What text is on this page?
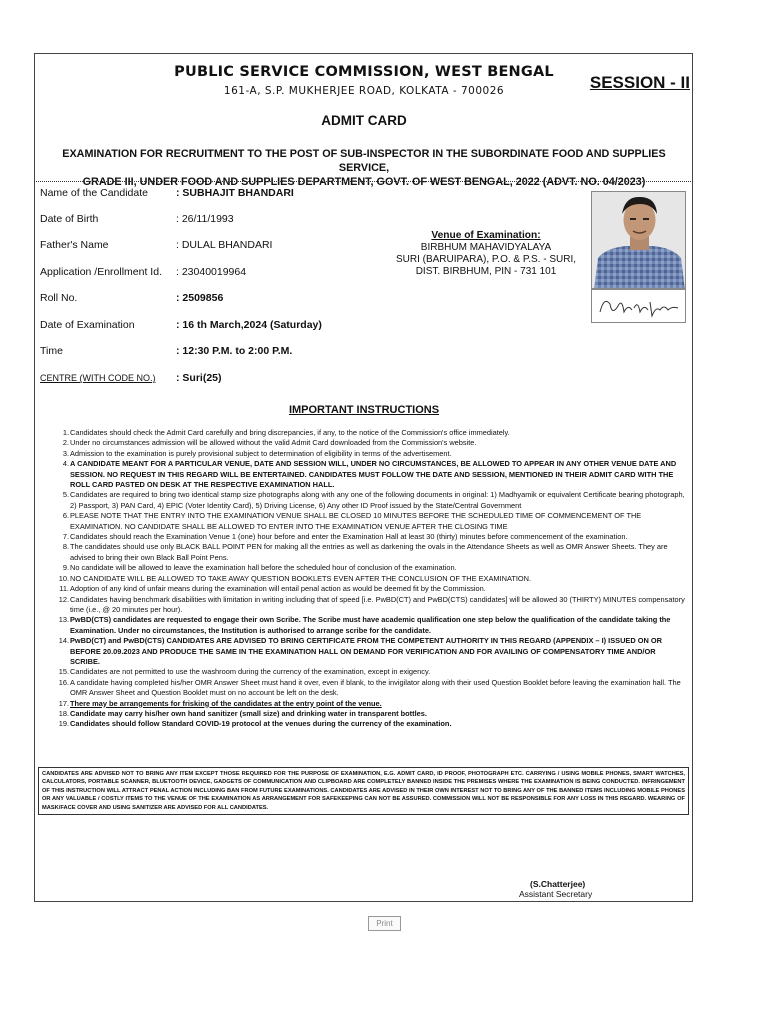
PUBLIC SERVICE COMMISSION, WEST BENGAL
161-A, S.P. MUKHERJEE ROAD, KOLKATA - 700026	SESSION - II
ADMIT CARD
EXAMINATION FOR RECRUITMENT TO THE POST OF SUB-INSPECTOR IN THE SUBORDINATE FOOD AND SUPPLIES SERVICE,
GRADE III, UNDER FOOD AND SUPPLIES DEPARTMENT, GOVT. OF WEST BENGAL, 2022 (ADVT. NO. 04/2023)
Name of the Candidate	: SUBHAJIT BHANDARI
Date of Birth	: 26/11/1993
Father's Name	: DULAL BHANDARI
Application /Enrollment Id. : 23040019964
Roll No.	: 2509856
Date of Examination	: 16 th March,2024 (Saturday)
Time	: 12:30 P.M. to 2:00 P.M.
CENTRE (WITH CODE NO.) : Suri(25)
Venue of Examination:
BIRBHUM MAHAVIDYALAYA
SURI (BARUIPARA), P.O. & P.S. - SURI,
DIST. BIRBHUM, PIN - 731 101
IMPORTANT INSTRUCTIONS
1. Candidates should check the Admit Card carefully and bring discrepancies, if any, to the notice of the Commission's office immediately.
2. Under no circumstances admission will be allowed without the valid Admit Card downloaded from the Commission's website.
3. Admission to the examination is purely provisional subject to determination of eligibility in terms of the advertisement.
4. A CANDIDATE MEANT FOR A PARTICULAR VENUE, DATE AND SESSION WILL, UNDER NO CIRCUMSTANCES, BE ALLOWED TO APPEAR IN ANY OTHER VENUE DATE AND SESSION. NO REQUEST IN THIS REGARD WILL BE ENTERTAINED. CANDIDATES MUST FOLLOW THE DATE AND SESSION, MENTIONED IN THEIR ADMIT CARD WITH THE ROLL CARD PASTED ON DESK AT THE RESPECTIVE EXAMINATION HALL.
5. Candidates are required to bring two identical stamp size photographs along with any one of the following documents in original: 1) Madhyamik or equivalent Certificate bearing photograph, 2) Passport, 3) PAN Card, 4) EPIC (Voter Identity Card), 5) Driving License, 6) Any other ID Proof issued by the State/Central Government
6. PLEASE NOTE THAT THE ENTRY INTO THE EXAMINATION VENUE SHALL BE CLOSED 10 MINUTES BEFORE THE SCHEDULED TIME OF COMMENCEMENT OF THE EXAMINATION. NO CANDIDATE SHALL BE ALLOWED TO ENTER INTO THE EXAMINATION VENUE AFTER THE CLOSING TIME
7. Candidates should reach the Examination Venue 1 (one) hour before and enter the Examination Hall at least 30 (thirty) minutes before commencement of the examination.
8. The candidates should use only BLACK BALL POINT PEN for making all the entries as well as darkening the ovals in the Attendance Sheets as well as OMR Answer Sheets. They are advised to bring their own Black Ball Point Pens.
9. No candidate will be allowed to leave the examination hall before the scheduled hour of conclusion of the examination.
10. NO CANDIDATE WILL BE ALLOWED TO TAKE AWAY QUESTION BOOKLETS EVEN AFTER THE CONCLUSION OF THE EXAMINATION.
11. Adoption of any kind of unfair means during the examination will entail penal action as would be deemed fit by the Commission.
12. Candidates having benchmark disabilities with limitation in writing including that of speed [i.e. PwBD(CT) and PwBD(CTS) candidates] will be allowed 30 (THIRTY) MINUTES compensatory time (i.e., @ 20 minutes per hour).
13. PwBD(CTS) candidates are requested to engage their own Scribe. The Scribe must have academic qualification one step below the qualification of the candidate taking the Examination. Under no circumstances, the Institution is authorised to arrange scribe for the candidate.
14. PwBD(CT) and PwBD(CTS) CANDIDATES ARE ADVISED TO BRING CERTIFICATE FROM THE COMPETENT AUTHORITY IN THIS REGARD (APPENDIX – I) ISSUED ON OR BEFORE 20.09.2023 AND PRODUCE THE SAME IN THE EXAMINATION HALL ON DEMAND FOR VERIFICATION AND FOR AVAILING OF COMPENSATORY TIME AND/OR SCRIBE.
15. Candidates are not permitted to use the washroom during the currency of the examination, except in exigency.
16. A candidate having completed his/her OMR Answer Sheet must hand it over, even if blank, to the invigilator along with their used Question Booklet before leaving the examination hall. The OMR Answer Sheet and Question Booklet must on no account be left on the desk.
17. There may be arrangements for frisking of the candidates at the entry point of the venue.
18. Candidate may carry his/her own hand sanitizer (small size) and drinking water in transparent bottles.
19. Candidates should follow Standard COVID-19 protocol at the venues during the currency of the examination.
CANDIDATES ARE ADVISED NOT TO BRING ANY ITEM EXCEPT THOSE REQUIRED FOR THE PURPOSE OF EXAMINATION, E.G. ADMIT CARD, ID PROOF, PHOTOGRAPH ETC. CARRYING / USING MOBILE PHONES, SMART WATCHES, CALCULATORS, PORTABLE SCANNER, BLUETOOTH DEVICE, GADGETS OF COMMUNICATION AND CLIPBOARD ARE COMPLETELY BANNED INSIDE THE PREMISES WHERE THE EXAMINATION IS BEING CONDUCTED. INFRINGEMENT OF THIS INSTRUCTION WILL ATTRACT PENAL ACTION INCLUDING BAN FROM FUTURE EXAMINATIONS. CANDIDATES ARE ADVISED IN THEIR OWN INTEREST NOT TO BRING ANY OF THE BANNED ITEMS INCLUDING MOBILE PHONES OR ANY VALUABLE / COSTLY ITEMS TO THE VENUE OF THE EXAMINATION AS ARRANGEMENT FOR SAFEKEEPING CAN NOT BE ASSURED. COMMISSION WILL NOT BE RESPONSIBLE FOR ANY LOSS IN THIS REGARD. WEARING OF MASK/FACE COVER AND USING SANITIZER ARE ADVISED FOR ALL CANDIDATES.
(S.Chatterjee)
Assistant Secretary
Print
